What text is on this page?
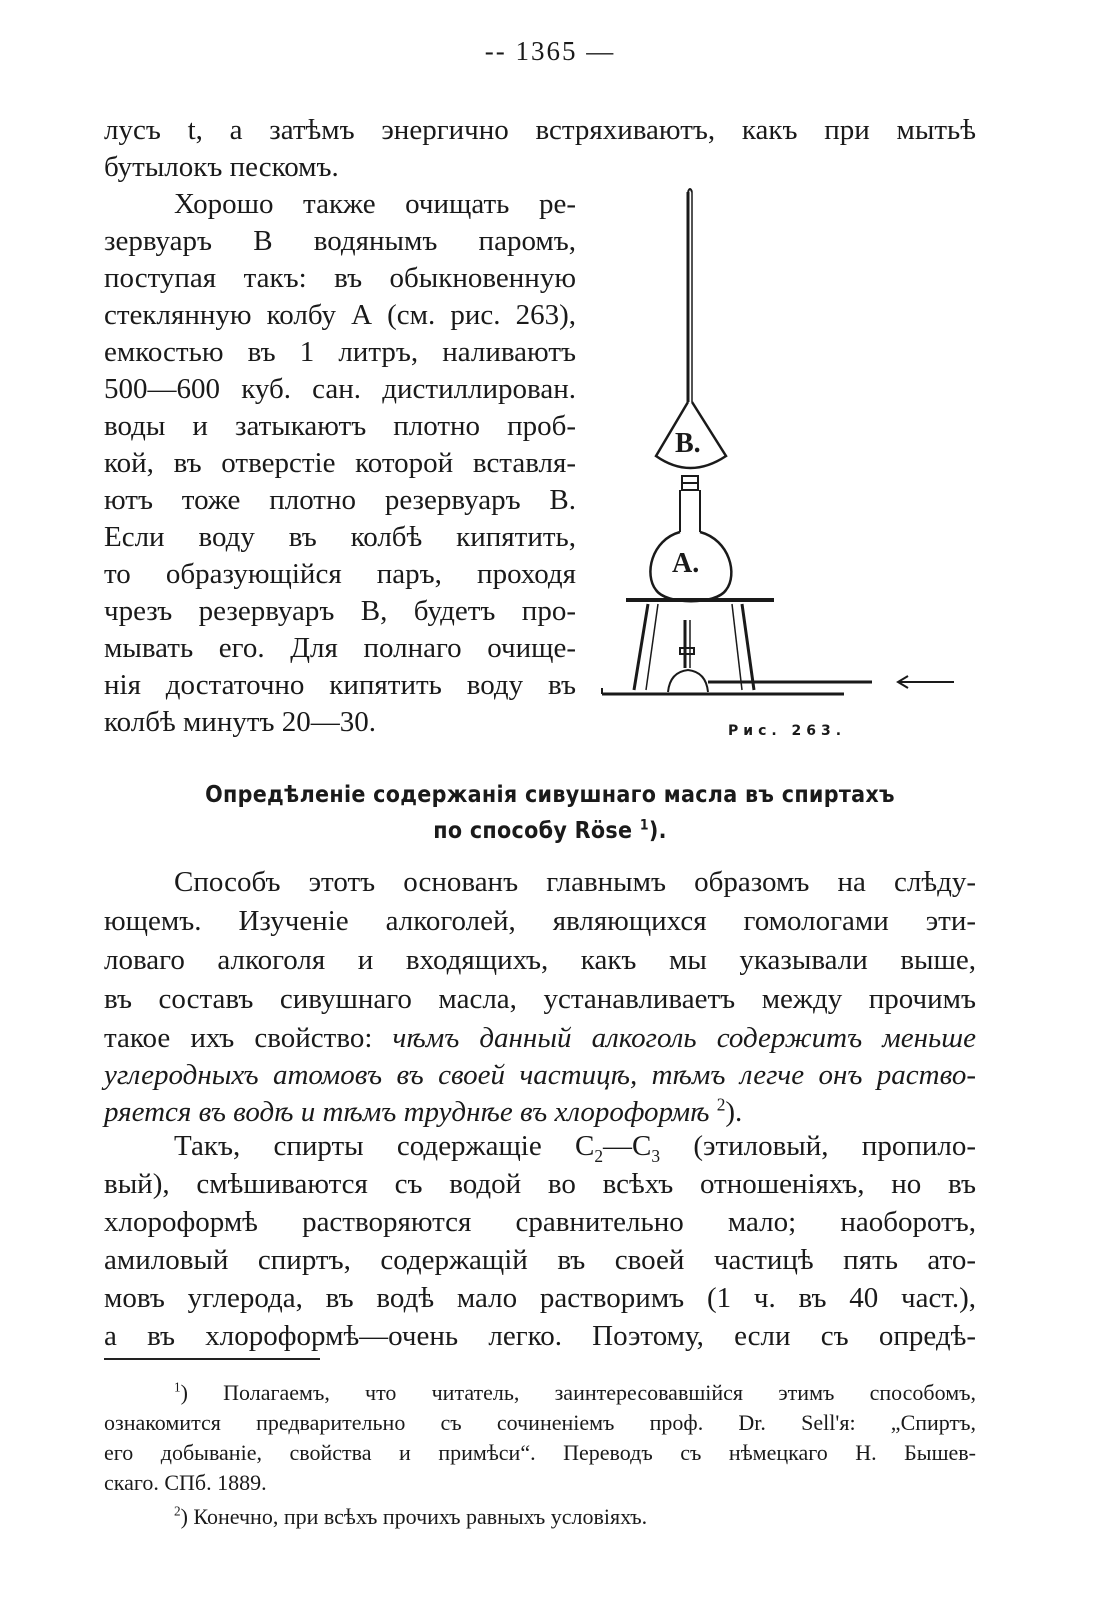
-- 1365 —
лусъ t, а затѣмъ энергично встряхиваютъ, какъ при мытьѣ
бутылокъ пескомъ.
Хорошо также очищать ре-
зервуаръ B водянымъ паромъ,
поступая такъ: въ обыкновенную
стеклянную колбу А (см. рис. 263),
емкостью въ 1 литръ, наливаютъ
500—600 куб. сан. дистиллирован.
воды и затыкаютъ плотно проб-
кой, въ отверстіе которой вставля-
ютъ тоже плотно резервуаръ B.
Если воду въ колбѣ кипятить,
то образующійся паръ, проходя
чрезъ резервуаръ B, будетъ про-
мывать его. Для полнаго очище-
нія достаточно кипятить воду въ
колбѣ минутъ 20—30.
B.
A.
Рис. 263.
Опредѣленіе содержанія сивушнаго масла въ спиртахъ
по способу Röse $^1$).
Способъ этотъ основанъ главнымъ образомъ на слѣду-
ющемъ. Изученіе алкоголей, являющихся гомологами эти-
ловаго алкоголя и входящихъ, какъ мы указывали выше,
въ составъ сивушнаго масла, устанавливаетъ между прочимъ
такое ихъ свойство: чѣмъ данный алкоголь содержитъ меньше
углеродныхъ атомовъ въ своей частицѣ, тѣмъ легче онъ раство-
ряется въ водѣ и тѣмъ труднѣе въ хлороформѣ $^2$).
Такъ, спирты содержащіе $C_2—C_3$ (этиловый, пропило-
вый), смѣшиваются съ водой во всѣхъ отношеніяхъ, но въ
хлороформѣ растворяются сравнительно мало; наоборотъ,
амиловый спиртъ, содержащій въ своей частицѣ пять ато-
мовъ углерода, въ водѣ мало растворимъ (1 ч. въ 40 част.),
а въ хлороформѣ—очень легко. Поэтому, если съ опредѣ-
$^1$) Полагаемъ, что читатель, заинтересовавшійся этимъ способомъ,
ознакомится предварительно съ сочиненіемъ проф. Dr. Sell'я: „Спиртъ,
его добываніе, свойства и примѣси“. Переводъ съ нѣмецкаго Н. Бышев-
скаго. СПб. 1889.
$^2$) Конечно, при всѣхъ прочихъ равныхъ условіяхъ.
